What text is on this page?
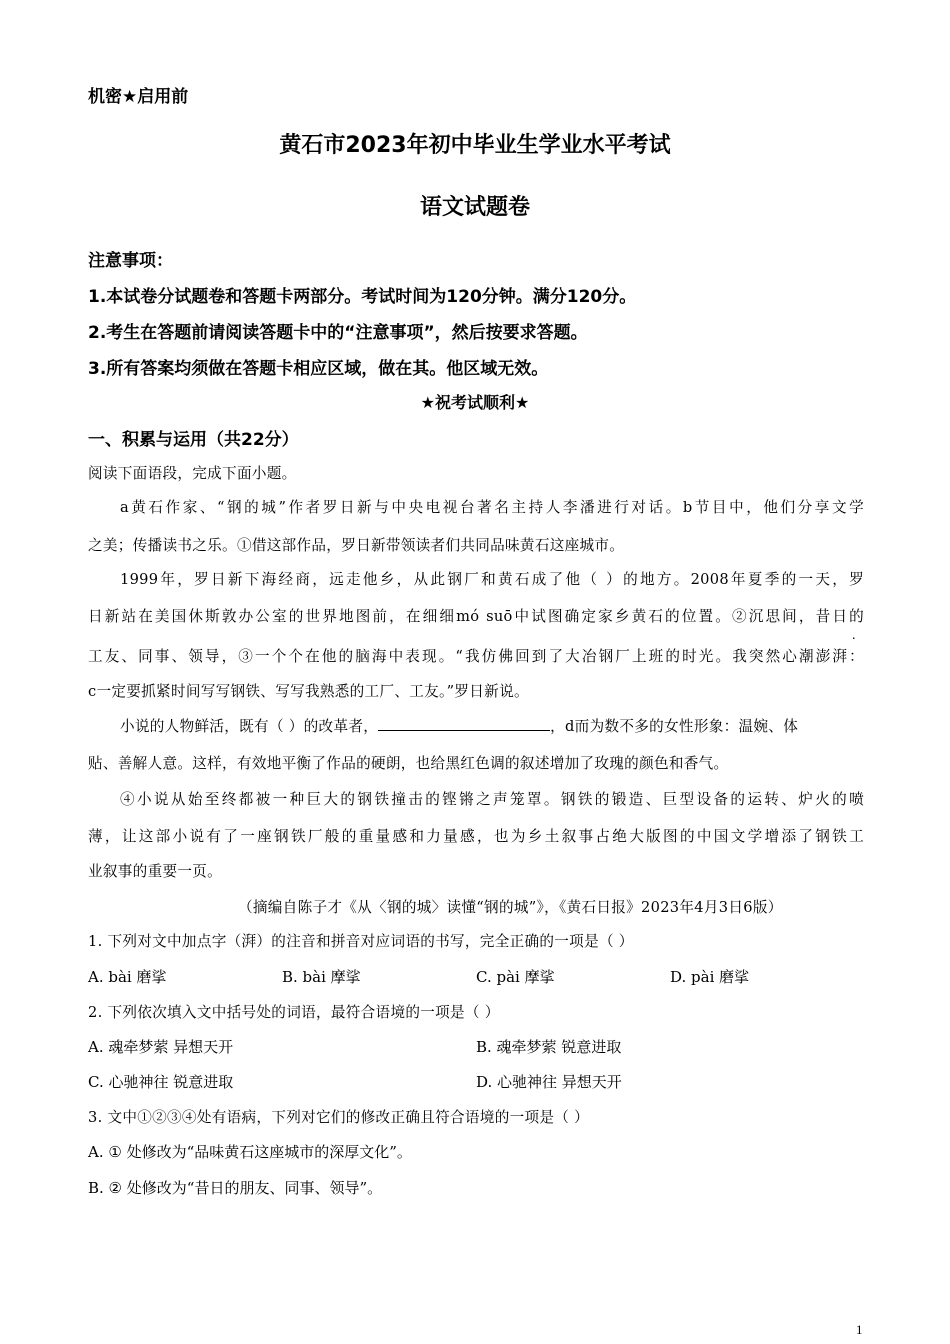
机密★启用前
黄石市2023年初中毕业生学业水平考试
语文试题卷
注意事项：
1.本试卷分试题卷和答题卡两部分。考试时间为120分钟。满分120分。
2.考生在答题前请阅读答题卡中的“注意事项”，然后按要求答题。
3.所有答案均须做在答题卡相应区域，做在其。他区域无效。
★祝考试顺利★
一、积累与运用（共22分）
阅读下面语段，完成下面小题。
a黄石作家、“钢的城”作者罗日新与中央电视台著名主持人李潘进行对话。b节目中，他们分享文学
之美；传播读书之乐。①借这部作品，罗日新带领读者们共同品味黄石这座城市。
1999年，罗日新下海经商，远走他乡，从此钢厂和黄石成了他（ ）的地方。2008年夏季的一天，罗
日新站在美国休斯敦办公室的世界地图前，在细细mó suō中试图确定家乡黄石的位置。②沉思间，昔日的
.
工友、同事、领导，③一个个在他的脑海中表现。“我仿佛回到了大冶钢厂上班的时光。我突然心潮澎湃：
c一定要抓紧时间写写钢铁、写写我熟悉的工厂、工友。”罗日新说。
小说的人物鲜活，既有（ ）的改革者，	，d而为数不多的女性形象：温婉、体
贴、善解人意。这样，有效地平衡了作品的硬朗，也给黑红色调的叙述增加了玫瑰的颜色和香气。
④小说从始至终都被一种巨大的钢铁撞击的铿锵之声笼罩。钢铁的锻造、巨型设备的运转、炉火的喷
薄，让这部小说有了一座钢铁厂般的重量感和力量感，也为乡土叙事占绝大版图的中国文学增添了钢铁工
业叙事的重要一页。
（摘编自陈子才《从〈钢的城〉读懂“钢的城”》，《黄石日报》2023年4月3日6版）
1. 下列对文中加点字（湃）的注音和拼音对应词语的书写，完全正确的一项是（ ）
A. bài 磨挲	B. bài 摩挲	C. pài 摩挲	D. pài 磨挲
2. 下列依次填入文中括号处的词语，最符合语境的一项是（ ）
A. 魂牵梦萦 异想天开	B. 魂牵梦萦 锐意进取
C. 心驰神往 锐意进取	D. 心驰神往 异想天开
3. 文中①②③④处有语病，下列对它们的修改正确且符合语境的一项是（ ）
A. ① 处修改为“品味黄石这座城市的深厚文化”。
B. ② 处修改为“昔日的朋友、同事、领导”。
1
